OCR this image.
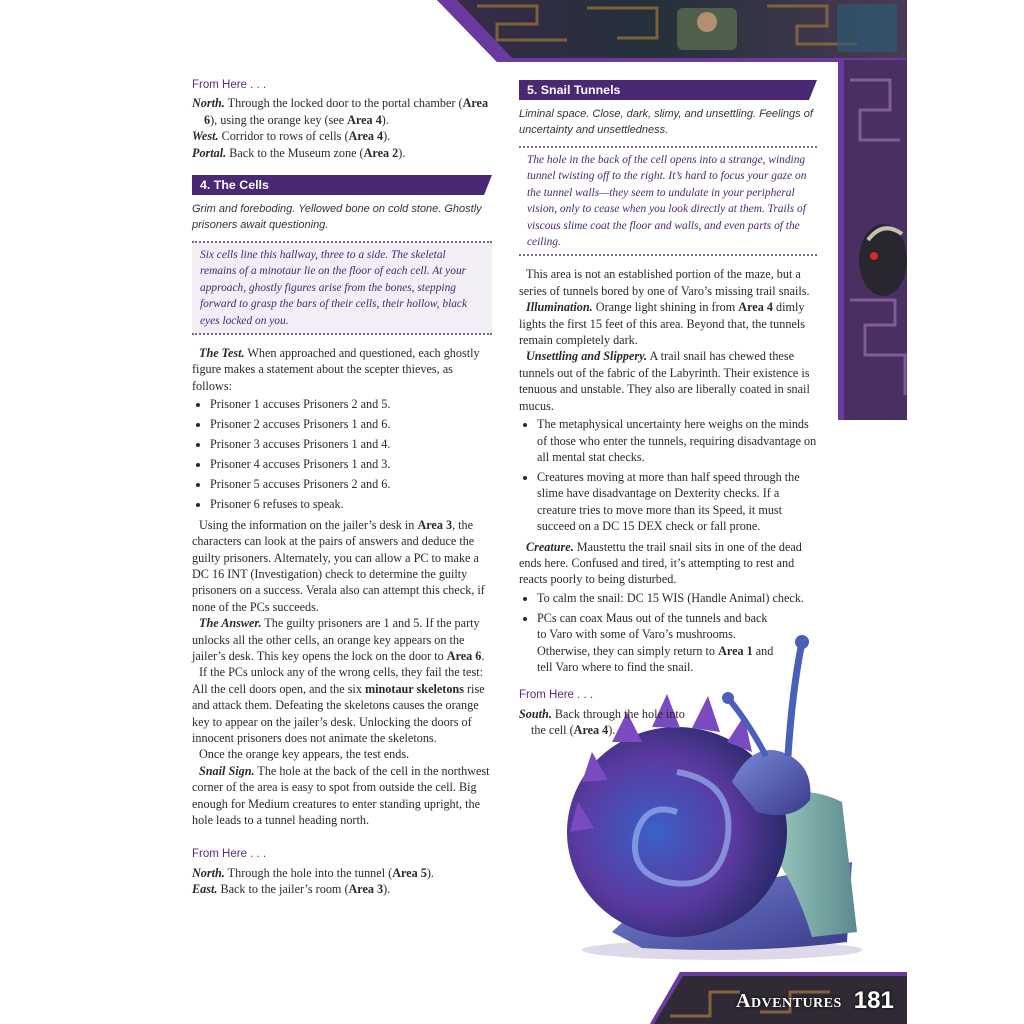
Adventures 181
From Here . . .

North. Through the locked door to the portal chamber (Area 6), using the orange key (see Area 4).

West. Corridor to rows of cells (Area 4).

Portal. Back to the Museum zone (Area 2).

4. The Cells
Grim and foreboding. Yellowed bone on cold stone. Ghostly prisoners await questioning.
Six cells line this hallway, three to a side. The skeletal remains of a minotaur lie on the floor of each cell. At your approach, ghostly figures arise from the bones, stepping forward to grasp the bars of their cells, their hollow, black eyes locked on you.

The Test. When approached and questioned, each ghostly figure makes a statement about the scepter thieves, as follows:

• Prisoner 1 accuses Prisoners 2 and 5.
• Prisoner 2 accuses Prisoners 1 and 6.
• Prisoner 3 accuses Prisoners 1 and 4.
• Prisoner 4 accuses Prisoners 1 and 3.
• Prisoner 5 accuses Prisoners 2 and 6.
• Prisoner 6 refuses to speak.

Using the information on the jailer’s desk in Area 3, the characters can look at the pairs of answers and deduce the guilty prisoners. Alternately, you can allow a PC to make a DC 16 INT (Investigation) check to determine the guilty prisoners on a success. Verala also can attempt this check, if none of the PCs succeeds.

The Answer. The guilty prisoners are 1 and 5. If the party unlocks all the other cells, an orange key appears on the jailer’s desk. This key opens the lock on the door to Area 6.

If the PCs unlock any of the wrong cells, they fail the test: All the cell doors open, and the six minotaur skeletons rise and attack them. Defeating the skeletons causes the orange key to appear on the jailer’s desk. Unlocking the doors of innocent prisoners does not animate the skeletons.

Once the orange key appears, the test ends.

Snail Sign. The hole at the back of the cell in the northwest corner of the area is easy to spot from outside the cell. Big enough for Medium creatures to enter standing upright, the hole leads to a tunnel heading north.

From Here . . .

North. Through the hole into the tunnel (Area 5).

East. Back to the jailer’s room (Area 3).

5. Snail Tunnels
Liminal space. Close, dark, slimy, and unsettling. Feelings of uncertainty and unsettledness.
The hole in the back of the cell opens into a strange, winding tunnel twisting off to the right. It’s hard to focus your gaze on the tunnel walls—they seem to undulate in your peripheral vision, only to cease when you look directly at them. Trails of viscous slime coat the floor and walls, and even parts of the ceiling.

This area is not an established portion of the maze, but a series of tunnels bored by one of Varo’s missing trail snails.

Illumination. Orange light shining in from Area 4 dimly lights the first 15 feet of this area. Beyond that, the tunnels remain completely dark.

Unsettling and Slippery. A trail snail has chewed these tunnels out of the fabric of the Labyrinth. Their existence is tenuous and unstable. They also are liberally coated in snail mucus.

• The metaphysical uncertainty here weighs on the minds of those who enter the tunnels, requiring disadvantage on all mental stat checks.
• Creatures moving at more than half speed through the slime have disadvantage on Dexterity checks. If a creature tries to move more than its Speed, it must succeed on a DC 15 DEX check or fall prone.

Creature. Maustettu the trail snail sits in one of the dead ends here. Confused and tired, it’s attempting to rest and reacts poorly to being disturbed.

• To calm the snail: DC 15 WIS (Handle Animal) check.
• PCs can coax Maus out of the tunnels and back to Varo with some of Varo’s mushrooms. Otherwise, they can simply return to Area 1 and tell Varo where to find the snail.
From Here . . .

South. Back through the hole into the cell (Area 4).
